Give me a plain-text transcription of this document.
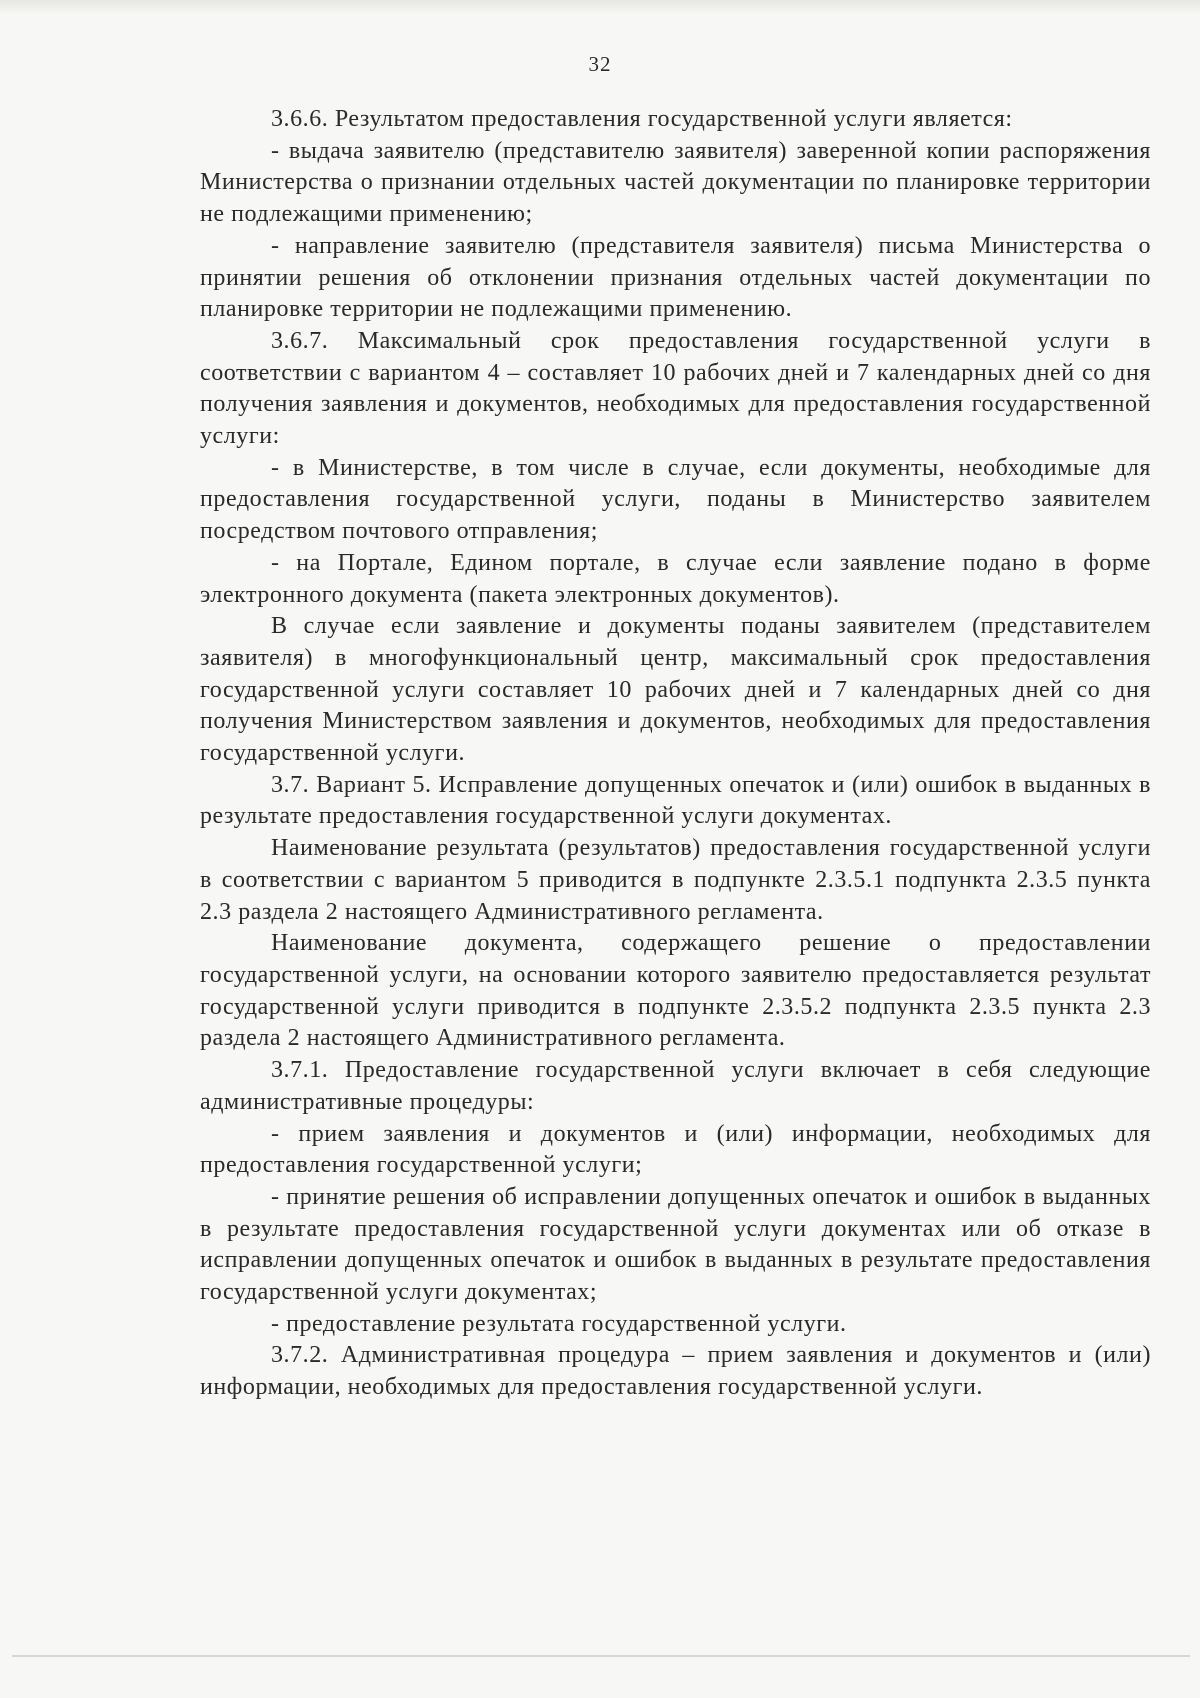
32

3.6.6. Результатом предоставления государственной услуги является:

- выдача заявителю (представителю заявителя) заверенной копии распоряжения Министерства о признании отдельных частей документации по планировке территории не подлежащими применению;

- направление заявителю (представителя заявителя) письма Министерства о принятии решения об отклонении признания отдельных частей документации по планировке территории не подлежащими применению.

3.6.7. Максимальный срок предоставления государственной услуги в соответствии с вариантом 4 – составляет 10 рабочих дней и 7 календарных дней со дня получения заявления и документов, необходимых для предоставления государственной услуги:

- в Министерстве, в том числе в случае, если документы, необходимые для предоставления государственной услуги, поданы в Министерство заявителем посредством почтового отправления;

- на Портале, Едином портале, в случае если заявление подано в форме электронного документа (пакета электронных документов).

В случае если заявление и документы поданы заявителем (представителем заявителя) в многофункциональный центр, максимальный срок предоставления государственной услуги составляет 10 рабочих дней и 7 календарных дней со дня получения Министерством заявления и документов, необходимых для предоставления государственной услуги.

3.7. Вариант 5. Исправление допущенных опечаток и (или) ошибок в выданных в результате предоставления государственной услуги документах.

Наименование результата (результатов) предоставления государственной услуги в соответствии с вариантом 5 приводится в подпункте 2.3.5.1 подпункта 2.3.5 пункта 2.3 раздела 2 настоящего Административного регламента.

Наименование документа, содержащего решение о предоставлении государственной услуги, на основании которого заявителю предоставляется результат государственной услуги приводится в подпункте 2.3.5.2 подпункта 2.3.5 пункта 2.3 раздела 2 настоящего Административного регламента.

3.7.1. Предоставление государственной услуги включает в себя следующие административные процедуры:

- прием заявления и документов и (или) информации, необходимых для предоставления государственной услуги;

- принятие решения об исправлении допущенных опечаток и ошибок в выданных в результате предоставления государственной услуги документах или об отказе в исправлении допущенных опечаток и ошибок в выданных в результате предоставления государственной услуги документах;

- предоставление результата государственной услуги.

3.7.2. Административная процедура – прием заявления и документов и (или) информации, необходимых для предоставления государственной услуги.
